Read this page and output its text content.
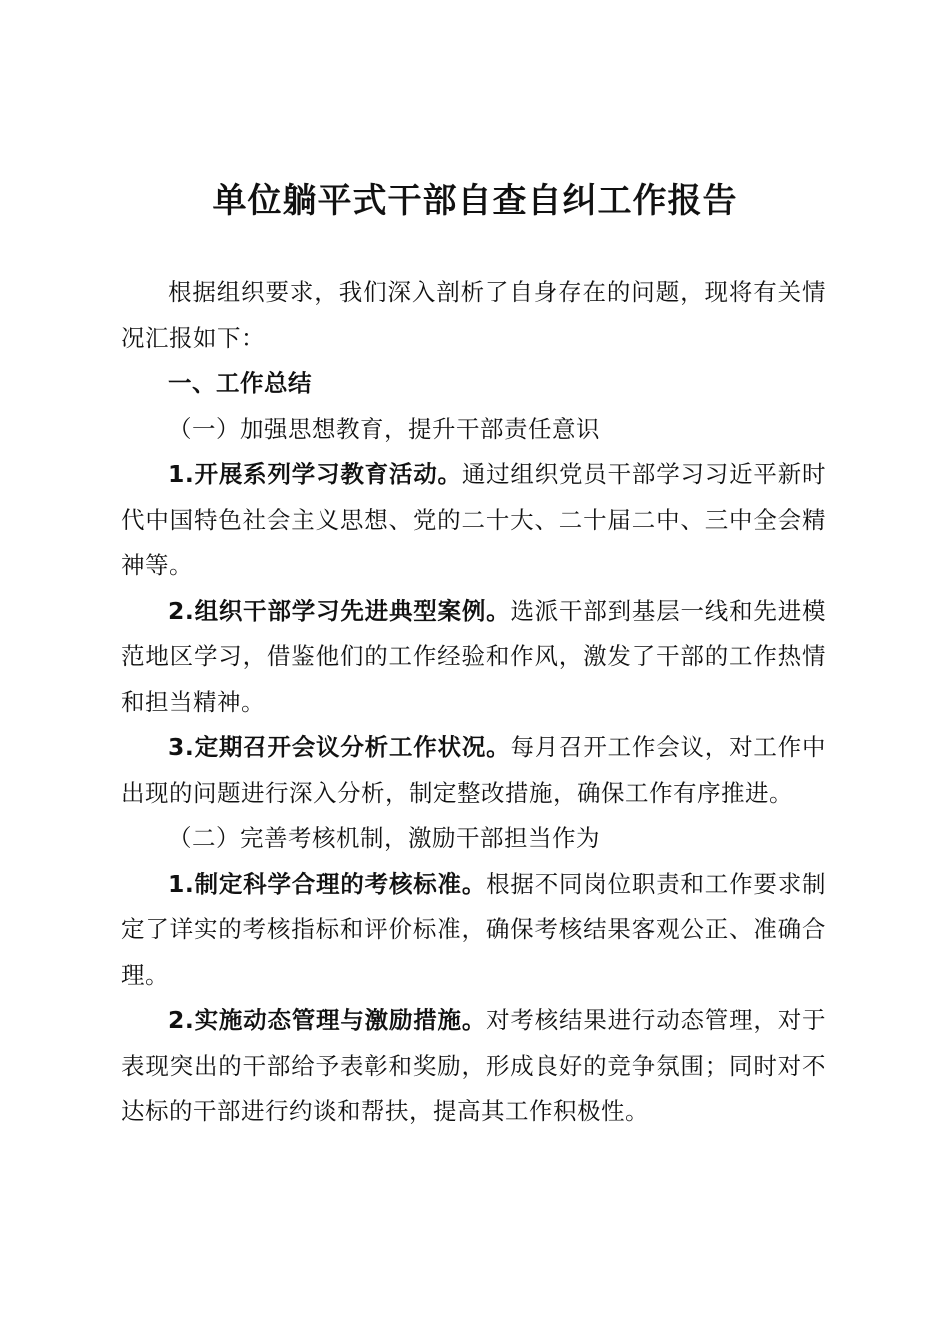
单位躺平式干部自查自纠工作报告

根据组织要求，我们深入剖析了自身存在的问题，现将有关情况汇报如下：

一、工作总结

（一）加强思想教育，提升干部责任意识

1.开展系列学习教育活动。通过组织党员干部学习习近平新时代中国特色社会主义思想、党的二十大、二十届二中、三中全会精神等。

2.组织干部学习先进典型案例。选派干部到基层一线和先进模范地区学习，借鉴他们的工作经验和作风，激发了干部的工作热情和担当精神。

3.定期召开会议分析工作状况。每月召开工作会议，对工作中出现的问题进行深入分析，制定整改措施，确保工作有序推进。

（二）完善考核机制，激励干部担当作为

1.制定科学合理的考核标准。根据不同岗位职责和工作要求制定了详实的考核指标和评价标准，确保考核结果客观公正、准确合理。

2.实施动态管理与激励措施。对考核结果进行动态管理，对于表现突出的干部给予表彰和奖励，形成良好的竞争氛围；同时对不达标的干部进行约谈和帮扶，提高其工作积极性。
